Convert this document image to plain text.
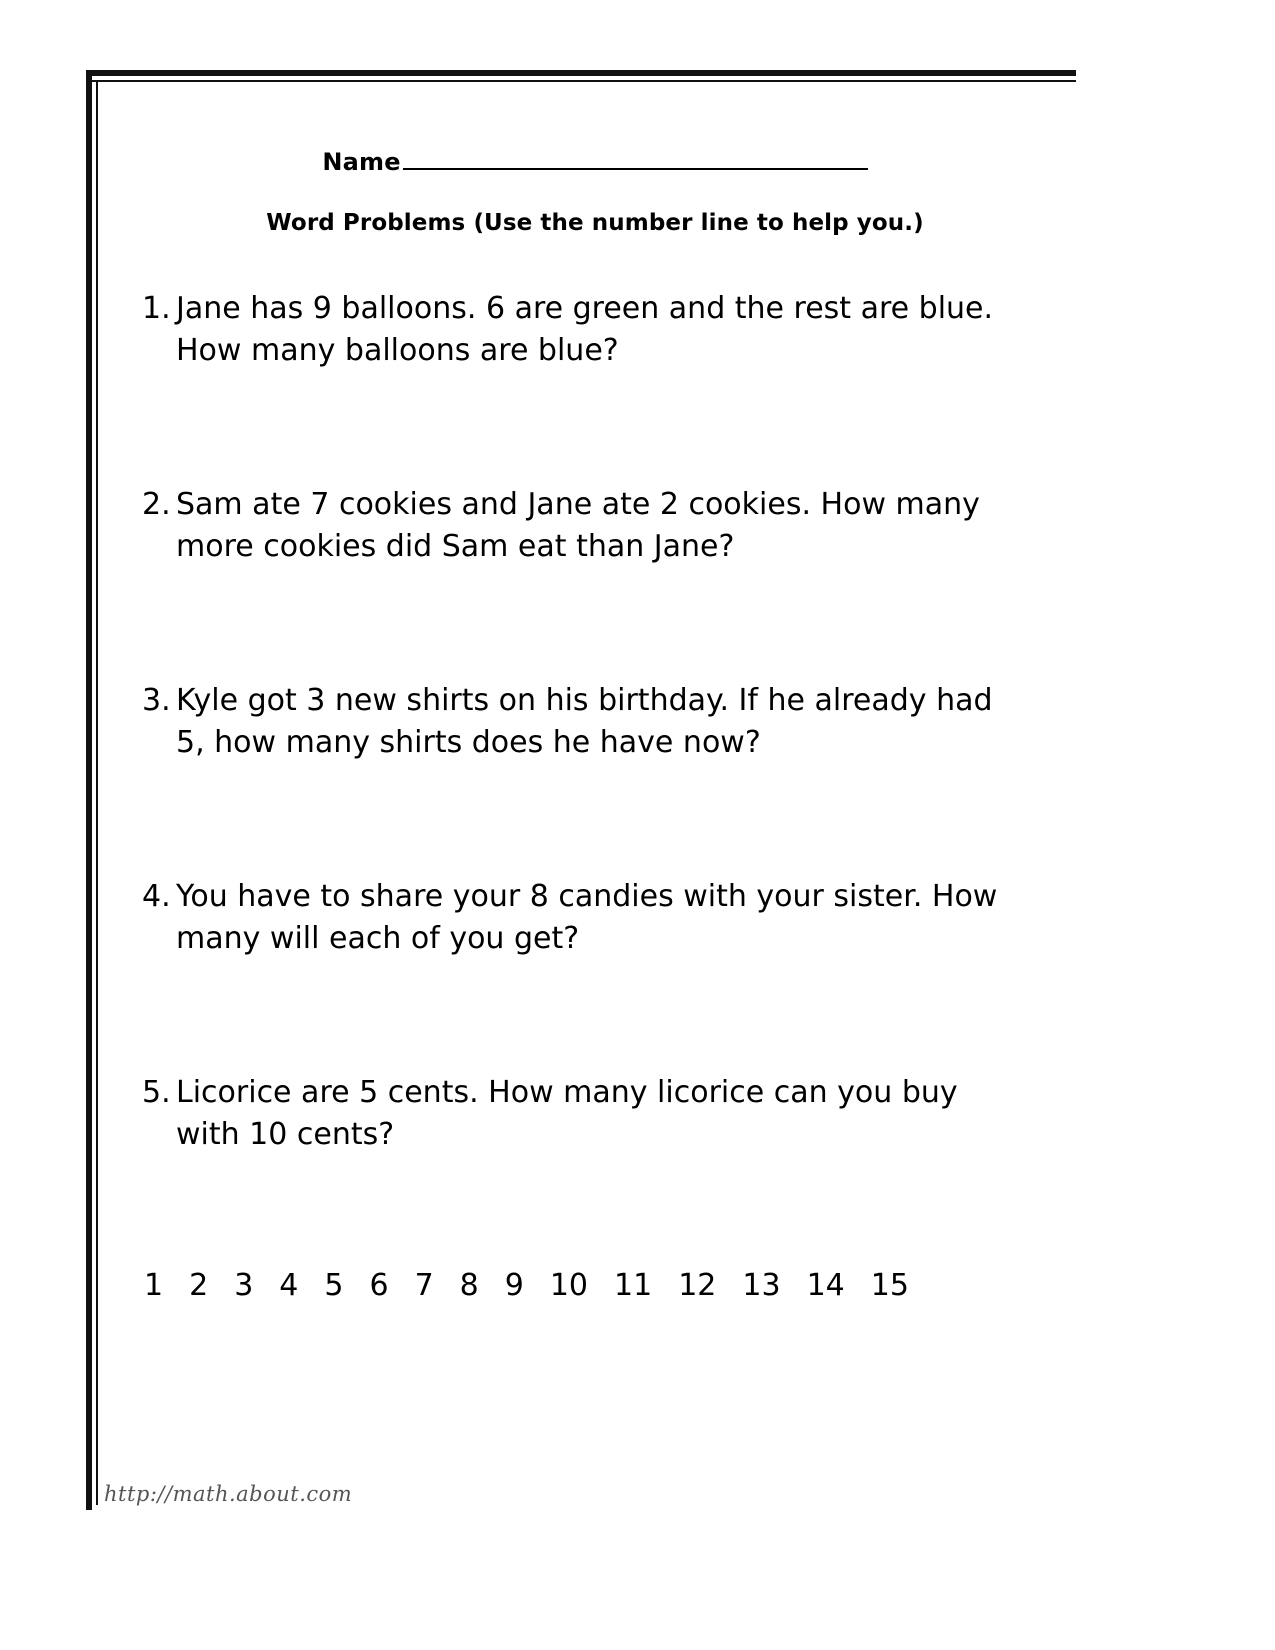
Name
Word Problems (Use the number line to help you.)
1. Jane has 9 balloons. 6 are green and the rest are blue. How many balloons are blue?
2. Sam ate 7 cookies and Jane ate 2 cookies. How many more cookies did Sam eat than Jane?
3. Kyle got 3 new shirts on his birthday. If he already had 5, how many shirts does he have now?
4. You have to share your 8 candies with your sister. How many will each of you get?
5. Licorice are 5 cents. How many licorice can you buy with 10 cents?
1 2 3 4 5 6 7 8 9 10 11 12 13 14 15
http://math.about.com
